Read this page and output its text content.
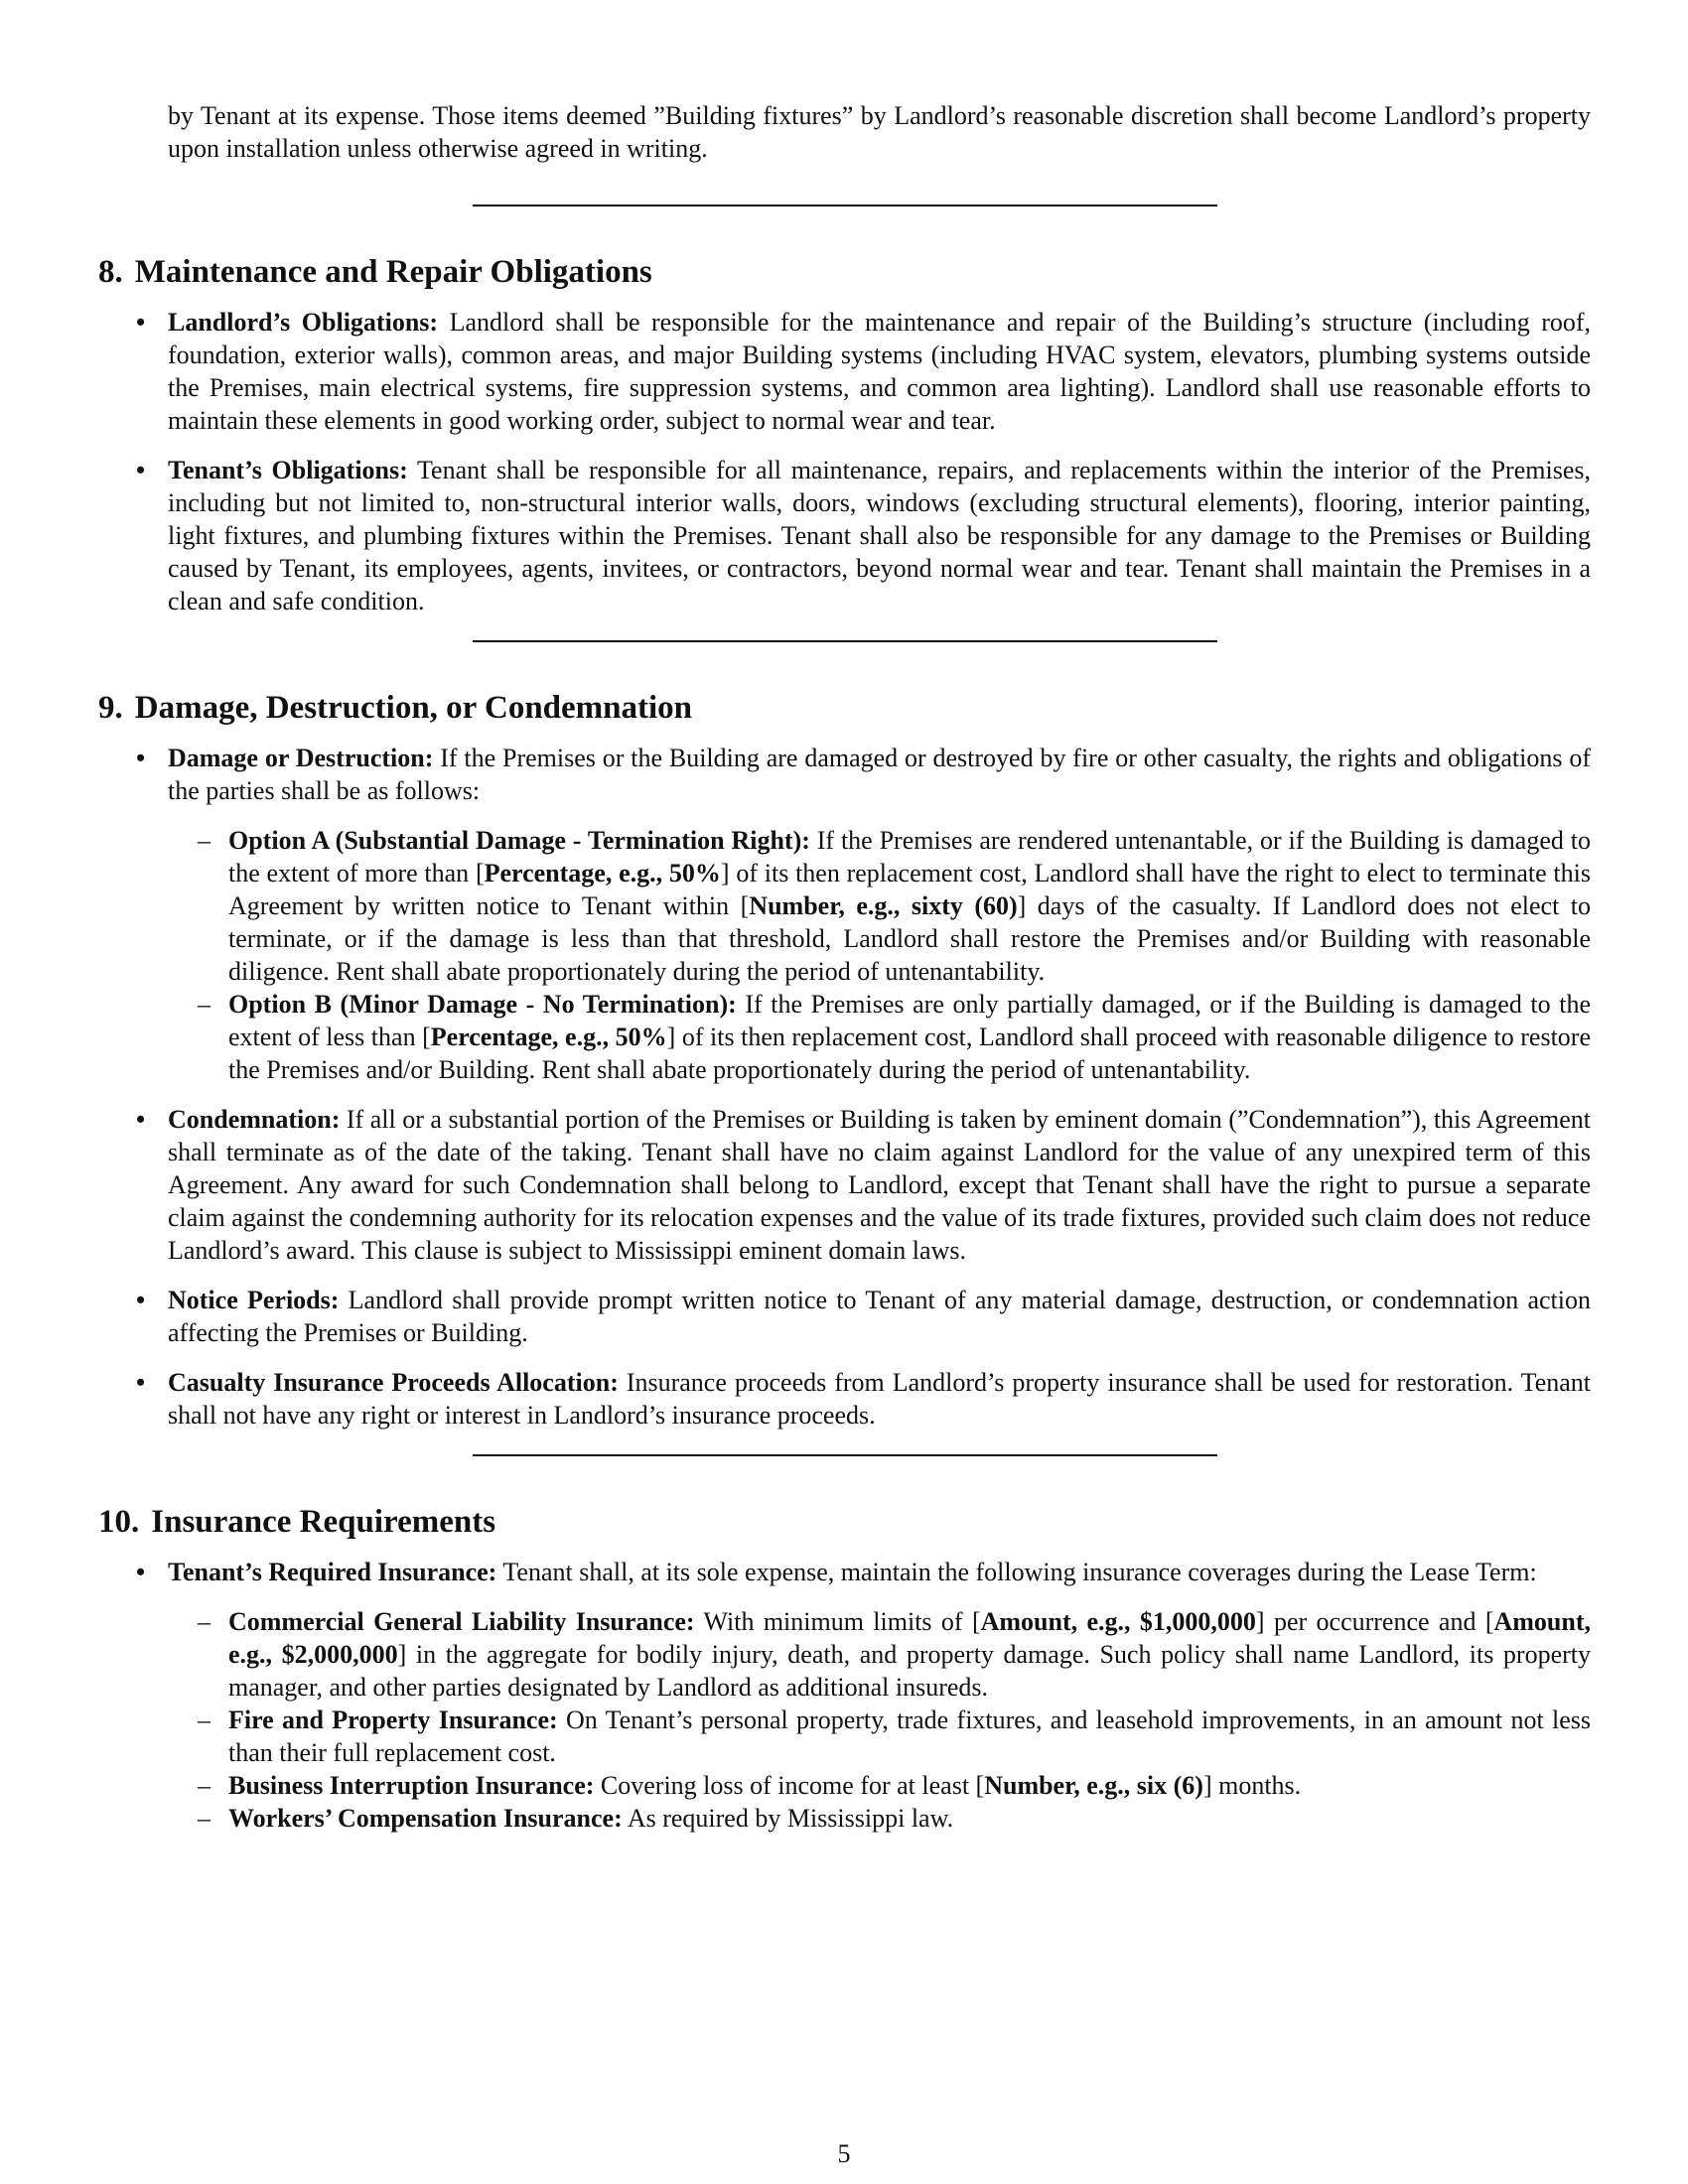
by Tenant at its expense. Those items deemed ”Building fixtures” by Landlord’s reasonable discretion shall become Landlord’s property upon installation unless otherwise agreed in writing.

8. Maintenance and Repair Obligations
• Landlord’s Obligations: Landlord shall be responsible for the maintenance and repair of the Building’s structure (including roof, foundation, exterior walls), common areas, and major Building systems (including HVAC system, elevators, plumbing systems outside the Premises, main electrical systems, fire suppression systems, and common area lighting). Landlord shall use reasonable efforts to maintain these elements in good working order, subject to normal wear and tear.
• Tenant’s Obligations: Tenant shall be responsible for all maintenance, repairs, and replacements within the interior of the Premises, including but not limited to, non-structural interior walls, doors, windows (excluding structural elements), flooring, interior painting, light fixtures, and plumbing fixtures within the Premises. Tenant shall also be responsible for any damage to the Premises or Building caused by Tenant, its employees, agents, invitees, or contractors, beyond normal wear and tear. Tenant shall maintain the Premises in a clean and safe condition.
9. Damage, Destruction, or Condemnation
• Damage or Destruction: If the Premises or the Building are damaged or destroyed by fire or other casualty, the rights and obligations of the parties shall be as follows:
– Option A (Substantial Damage - Termination Right): If the Premises are rendered untenantable, or if the Building is damaged to the extent of more than [Percentage, e.g., 50%] of its then replacement cost, Landlord shall have the right to elect to terminate this Agreement by written notice to Tenant within [Number, e.g., sixty (60)] days of the casualty. If Landlord does not elect to terminate, or if the damage is less than that threshold, Landlord shall restore the Premises and/or Building with reasonable diligence. Rent shall abate proportionately during the period of untenantability.
– Option B (Minor Damage - No Termination): If the Premises are only partially damaged, or if the Building is damaged to the extent of less than [Percentage, e.g., 50%] of its then replacement cost, Landlord shall proceed with reasonable diligence to restore the Premises and/or Building. Rent shall abate proportionately during the period of untenantability.
• Condemnation: If all or a substantial portion of the Premises or Building is taken by eminent domain (”Condemnation”), this Agreement shall terminate as of the date of the taking. Tenant shall have no claim against Landlord for the value of any unexpired term of this Agreement. Any award for such Condemnation shall belong to Landlord, except that Tenant shall have the right to pursue a separate claim against the condemning authority for its relocation expenses and the value of its trade fixtures, provided such claim does not reduce Landlord’s award. This clause is subject to Mississippi eminent domain laws.
• Notice Periods: Landlord shall provide prompt written notice to Tenant of any material damage, destruction, or condemnation action affecting the Premises or Building.
• Casualty Insurance Proceeds Allocation: Insurance proceeds from Landlord’s property insurance shall be used for restoration. Tenant shall not have any right or interest in Landlord’s insurance proceeds.
10. Insurance Requirements
• Tenant’s Required Insurance: Tenant shall, at its sole expense, maintain the following insurance coverages during the Lease Term:
– Commercial General Liability Insurance: With minimum limits of [Amount, e.g., $1,000,000] per occurrence and [Amount, e.g., $2,000,000] in the aggregate for bodily injury, death, and property damage. Such policy shall name Landlord, its property manager, and other parties designated by Landlord as additional insureds.
– Fire and Property Insurance: On Tenant’s personal property, trade fixtures, and leasehold improvements, in an amount not less than their full replacement cost.
– Business Interruption Insurance: Covering loss of income for at least [Number, e.g., six (6)] months.
– Workers’ Compensation Insurance: As required by Mississippi law.
5
